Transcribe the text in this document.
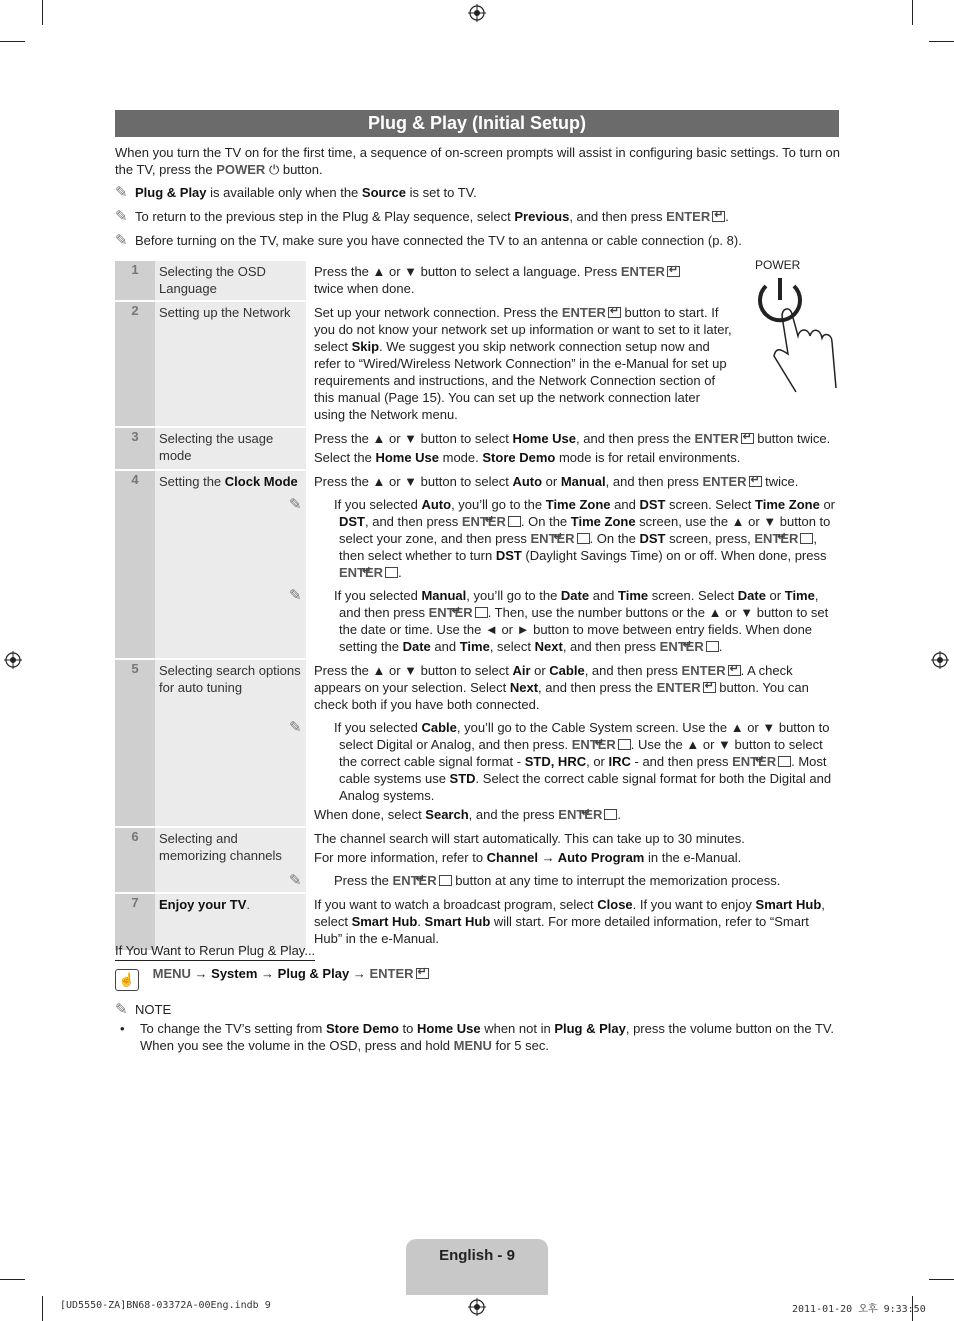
Plug & Play (Initial Setup)
When you turn the TV on for the first time, a sequence of on-screen prompts will assist in configuring basic settings. To turn on the TV, press the POWER ⏻ button.
✎ Plug & Play is available only when the Source is set to TV.
✎ To return to the previous step in the Plug & Play sequence, select Previous, and then press ENTER ↵ .
✎ Before turning on the TV, make sure you have connected the TV to an antenna or cable connection (p. 8).
POWER
1	Selecting the OSD Language		Press the ▲ or ▼ button to select a language. Press ENTER↵ twice when done.
2	Setting up the Network		Set up your network connection. Press the ENTER↵ button to start. If you do not know your network set up information or want to set to it later, select Skip. We suggest you skip network connection setup now and refer to “Wired/Wireless Network Connection” in the e-Manual for set up requirements and instructions, and the Network Connection section of this manual (Page 15). You can set up the network connection later using the Network menu.
3	Selecting the usage mode		Press the ▲ or ▼ button to select Home Use, and then press the ENTER↵ button twice.

Select the Home Use mode. Store Demo mode is for retail environments.

4	Setting the Clock Mode		Press the ▲ or ▼ button to select Auto or Manual, and then press ENTER↵ twice.
✎ If you selected Auto, you’ll go to the Time Zone and DST screen. Select Time Zone or DST, and then press ENTER ↵ . On the Time Zone screen, use the ▲ or ▼ button to select your zone, and then press ENTER ↵ . On the DST screen, press, ENTER ↵ , then select whether to turn DST (Daylight Savings Time) on or off. When done, press ENTER ↵ .
✎ If you selected Manual, you’ll go to the Date and Time screen. Select Date or Time, and then press ENTER ↵ . Then, use the number buttons or the ▲ or ▼ button to set the date or time. Use the ◄ or ► button to move between entry fields. When done setting the Date and Time, select Next, and then press ENTER ↵ .

5	Selecting search options for auto tuning		Press the ▲ or ▼ button to select Air or Cable, and then press ENTER ↵ . A check appears on your selection. Select Next, and then press the ENTER↵ button. You can check both if you have both connected.
✎ If you selected Cable, you’ll go to the Cable System screen. Use the ▲ or ▼ button to select Digital or Analog, and then press. ENTER ↵ . Use the ▲ or ▼ button to select the correct cable signal format - STD, HRC, or IRC - and then press ENTER↵ . Most cable systems use STD. Select the correct cable signal format for both the Digital and Analog systems.

When done, select Search, and the press ENTER ↵ .

6	Selecting and memorizing channels		The channel search will start automatically. This can take up to 30 minutes.

For more information, refer to Channel → Auto Program in the e-Manual.
✎ Press the ENTER↵ button at any time to interrupt the memorization process.

7	Enjoy your TV.		If you want to watch a broadcast program, select Close. If you want to enjoy Smart Hub, select Smart Hub. Smart Hub will start. For more detailed information, refer to “Smart Hub” in the e-Manual.
If You Want to Rerun Plug & Play...
☝ MENU → System → Plug & Play → ENTER↵
✎ NOTE
• To change the TV’s setting from Store Demo to Home Use when not in Plug & Play, press the volume button on the TV. When you see the volume in the OSD, press and hold MENU for 5 sec.
English - 9
[UD5550-ZA]BN68-03372A-00Eng.indb 9	2011-01-20 오후 9:33:50
